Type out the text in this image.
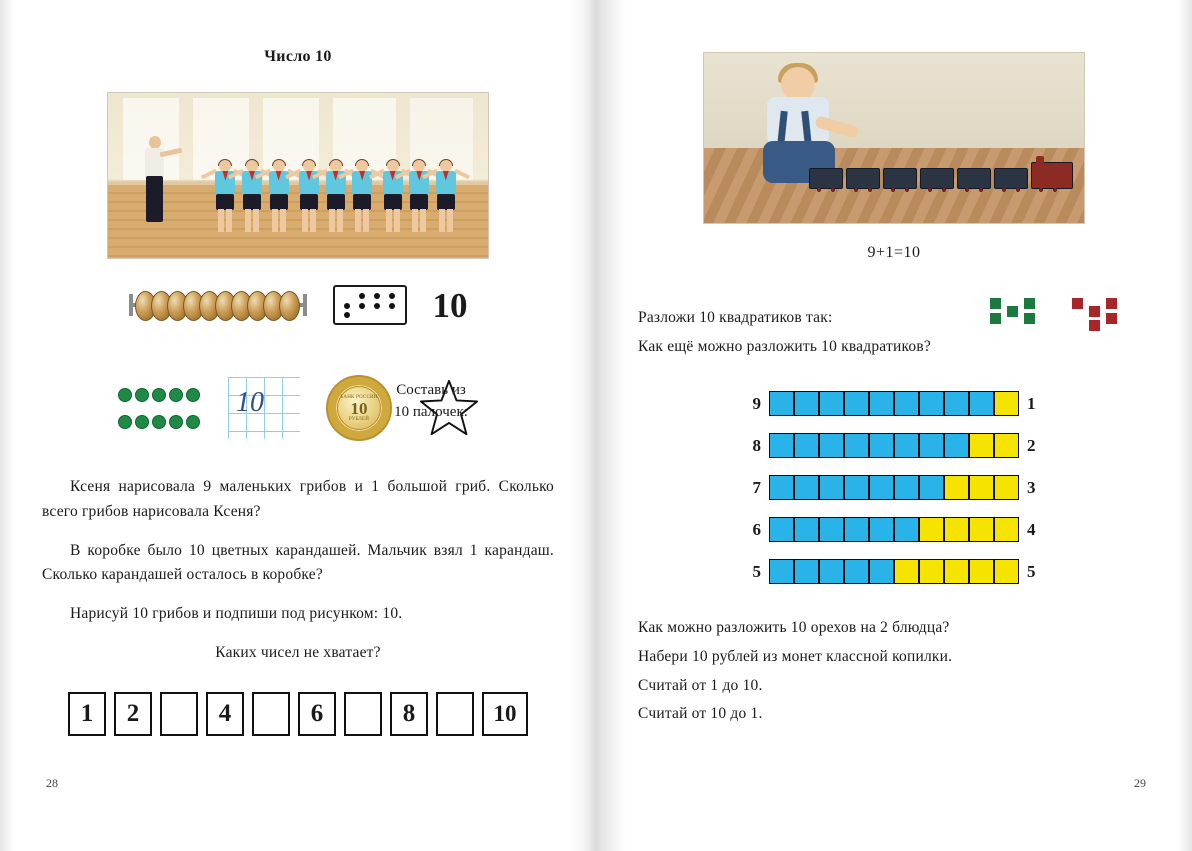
Число 10
10
Составь из
10 палочек:
10	БАНК РОССИИ
10
РУБЛЕЙ

Ксеня нарисовала 9 маленьких грибов и 1 большой гриб. Сколько всего грибов нарисовала Ксеня?

В коробке было 10 цветных карандашей. Мальчик взял 1 карандаш. Сколько карандашей осталось в коробке?

Нарисуй 10 грибов и подпиши под рисунком: 10.

Каких чисел не хватает?

1	2	4	6	8	10
28
9+1=10
Разложи 10 квадратиков так:
Как ещё можно разложить 10 квадратиков?
9	1
8	2
7	3
6	4
5	5
Как можно разложить 10 орехов на 2 блюдца?
Набери 10 рублей из монет классной копилки.
Считай от 1 до 10.
Считай от 10 до 1.
29
